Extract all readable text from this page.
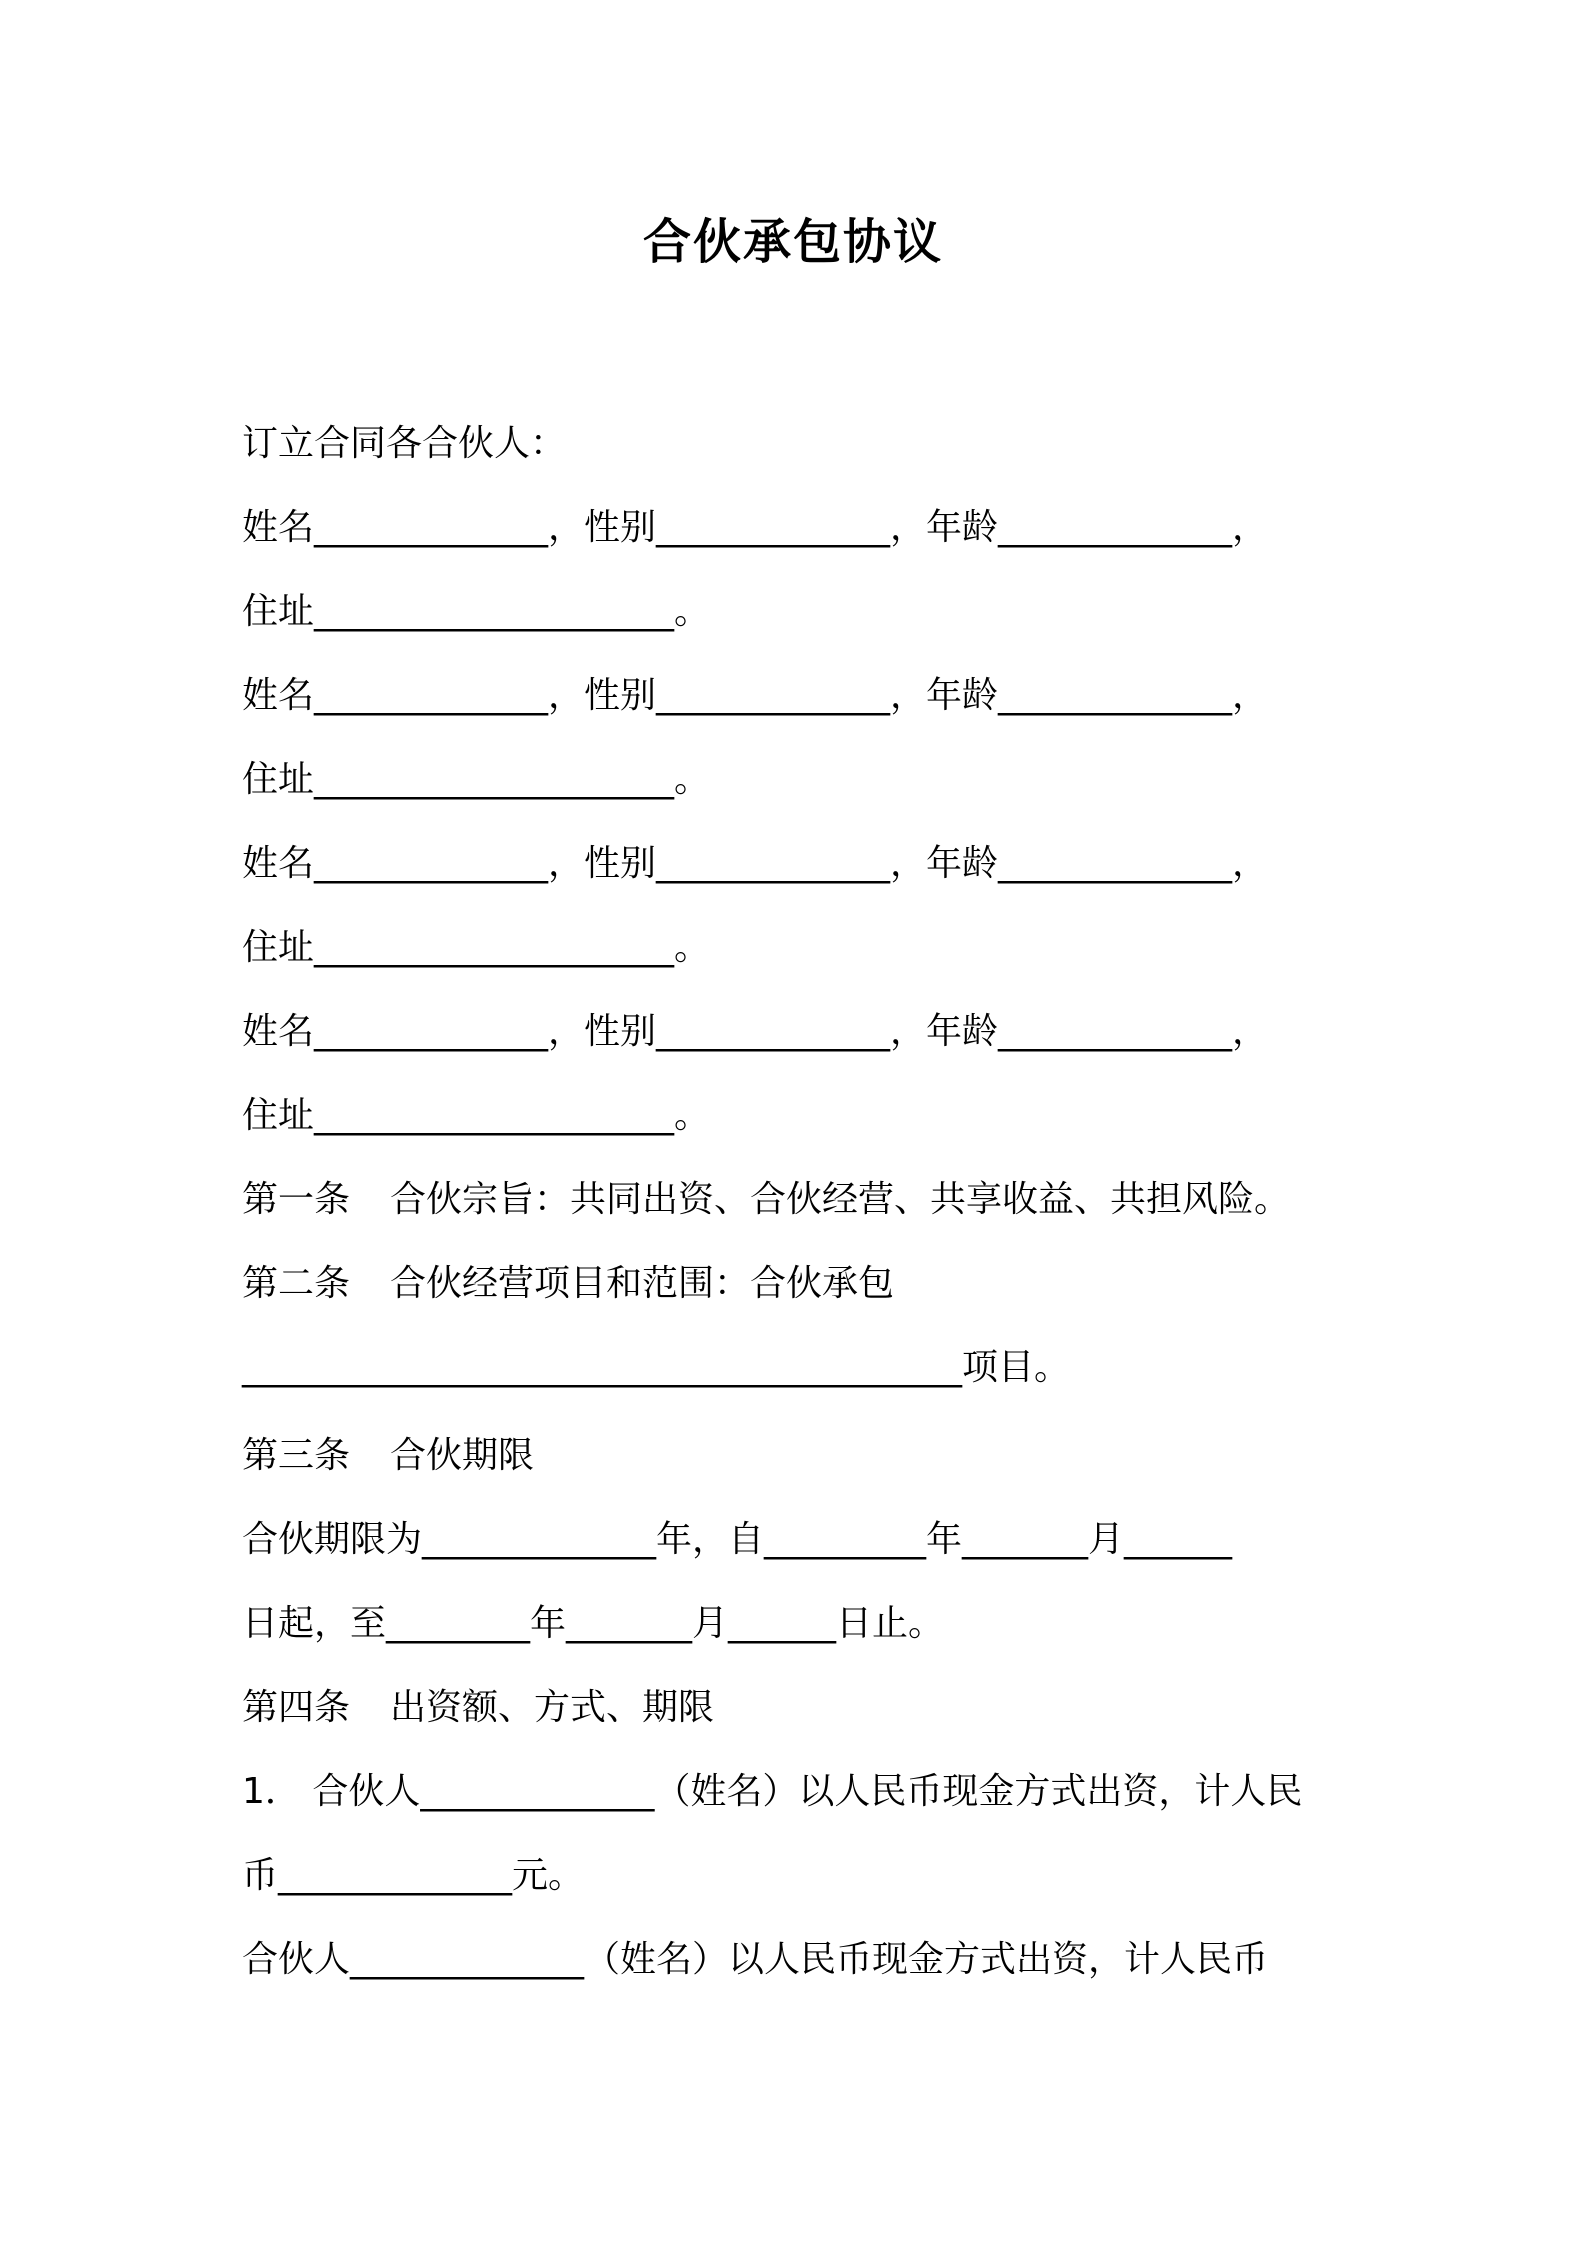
合伙承包协议
订立合同各合伙人：
姓名_____________，性别_____________，年龄_____________，
住址____________________。
姓名_____________，性别_____________，年龄_____________，
住址____________________。
姓名_____________，性别_____________，年龄_____________，
住址____________________。
姓名_____________，性别_____________，年龄_____________，
住址____________________。
第一条 合伙宗旨：共同出资、合伙经营、共享收益、共担风险。
第二条 合伙经营项目和范围：合伙承包
________________________________________项目。
第三条 合伙期限
合伙期限为_____________年，自_________年_______月______
日起，至________年_______月______日止。
第四条 出资额、方式、期限
1． 合伙人_____________（姓名）以人民币现金方式出资，计人民
币_____________元。
合伙人_____________（姓名）以人民币现金方式出资，计人民币
